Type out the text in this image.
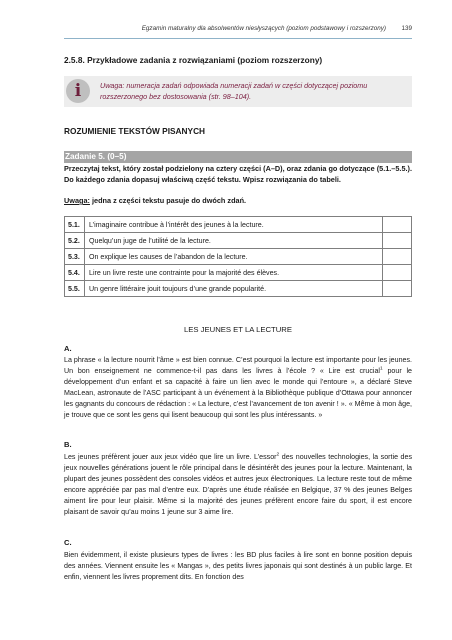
Egzamin maturalny dla absolwentów niesłyszących (poziom podstawowy i rozszerzony) 139
2.5.8. Przykładowe zadania z rozwiązaniami (poziom rozszerzony)
i	Uwaga: numeracja zadań odpowiada numeracji zadań w części dotyczącej poziomu rozszerzonego bez dostosowania (str. 98–104).
ROZUMIENIE TEKSTÓW PISANYCH
Zadanie 5. (0–5)
Przeczytaj tekst, który został podzielony na cztery części (A–D), oraz zdania go dotyczące (5.1.–5.5.). Do każdego zdania dopasuj właściwą część tekstu. Wpisz rozwiązania do tabeli.
Uwaga: jedna z części tekstu pasuje do dwóch zdań.
5.1.	L’imaginaire contribue à l’intérêt des jeunes à la lecture.	
5.2.	Quelqu’un juge de l’utilité de la lecture.	
5.3.	On explique les causes de l’abandon de la lecture.	
5.4.	Lire un livre reste une contrainte pour la majorité des élèves.	
5.5.	Un genre littéraire jouit toujours d’une grande popularité.	
LES JEUNES ET LA LECTURE
A.
La phrase « la lecture nourrit l’âme » est bien connue. C’est pourquoi la lecture est importante pour les jeunes. Un bon enseignement ne commence-t-il pas dans les livres à l’école ? « Lire est crucial$^1$ pour le développement d’un enfant et sa capacité à faire un lien avec le monde qui l’entoure », a déclaré Steve MacLean, astronaute de l’ASC participant à un événement à la Bibliothèque publique d’Ottawa pour annoncer les gagnants du concours de rédaction : « La lecture, c’est l’avancement de ton avenir ! ». « Même à mon âge, je trouve que ce sont les gens qui lisent beaucoup qui sont les plus intéressants. »
B.
Les jeunes préfèrent jouer aux jeux vidéo que lire un livre. L’essor$^2$ des nouvelles technologies, la sortie des jeux nouvelles générations jouent le rôle principal dans le désintérêt des jeunes pour la lecture. Maintenant, la plupart des jeunes possèdent des consoles vidéos et autres jeux électroniques. La lecture reste tout de même encore appréciée par pas mal d’entre eux. D’après une étude réalisée en Belgique, 37 % des jeunes Belges aiment lire pour leur plaisir. Même si la majorité des jeunes préfèrent encore faire du sport, il est encore plaisant de savoir qu’au moins 1 jeune sur 3 aime lire.
C.
Bien évidemment, il existe plusieurs types de livres : les BD plus faciles à lire sont en bonne position depuis des années. Viennent ensuite les « Mangas », des petits livres japonais qui sont destinés à un public large. Et enfin, viennent les livres proprement dits. En fonction des
